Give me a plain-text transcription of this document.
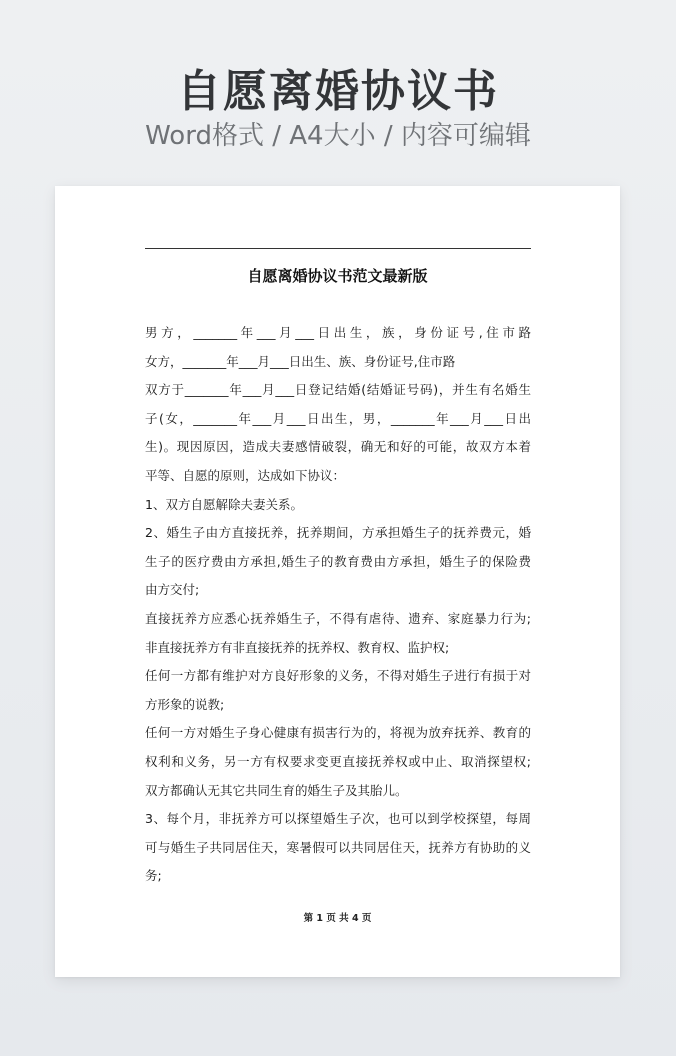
自愿离婚协议书
Word格式 / A4大小 / 内容可编辑
自愿离婚协议书范文最新版
男方，_______年___月___日出生，族，身份证号,住市路
女方，_______年___月___日出生、族、身份证号,住市路
双方于_______年___月___日登记结婚(结婚证号码)，并生有名婚生
子(女，_______年___月___日出生，男，_______年___月___日出
生)。现因原因，造成夫妻感情破裂，确无和好的可能，故双方本着
平等、自愿的原则，达成如下协议：
1、双方自愿解除夫妻关系。
2、婚生子由方直接抚养，抚养期间，方承担婚生子的抚养费元，婚
生子的医疗费由方承担,婚生子的教育费由方承担，婚生子的保险费
由方交付;
直接抚养方应悉心抚养婚生子，不得有虐待、遗弃、家庭暴力行为;
非直接抚养方有非直接抚养的抚养权、教育权、监护权;
任何一方都有维护对方良好形象的义务，不得对婚生子进行有损于对
方形象的说教;
任何一方对婚生子身心健康有损害行为的，将视为放弃抚养、教育的
权利和义务，另一方有权要求变更直接抚养权或中止、取消探望权;
双方都确认无其它共同生育的婚生子及其胎儿。
3、每个月，非抚养方可以探望婚生子次，也可以到学校探望，每周
可与婚生子共同居住天，寒暑假可以共同居住天，抚养方有协助的义
务;
第 1 页 共 4 页
